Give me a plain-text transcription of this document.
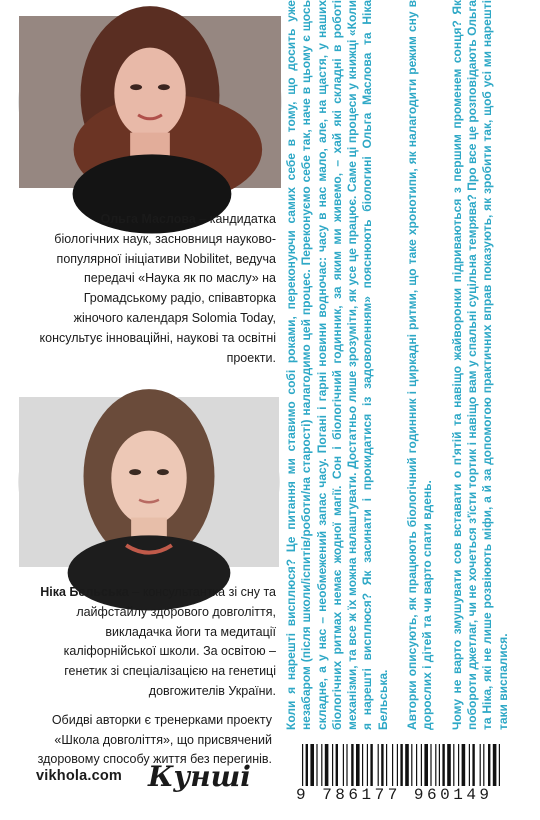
Ольга Маслова – кандидатка біологічних наук, засновниця науково-популярної ініціативи Nobilitet, ведуча передачі «Наука як по маслу» на Громадському радіо, співавторка жіночого календаря Solomia Today, консультує інноваційні, наукові та освітні проекти.
Ніка Бельська – консультантка зі сну та лайфстайлу здорового довголіття, викладачка йоги та медитації каліфорнійської школи. За освітою – генетик зі спеціалізацією на генетиці довгожителів України.
Обидві авторки є тренерками проекту «Школа довголіття», що присвячений здоровому способу життя без перегинів.
vikhola.com Кунші

Коли я нарешті висплюся? Це питання ми ставимо собі роками, переконуючи самих себе в тому, що досить уже незабаром (після школи/іспитів/роботи/на старості) налагодимо цей процес. Переконуємо себе так, наче в цьому є щось складне, а у нас – необмежений запас часу. Погані і гарні новини водночас: часу в нас мало, але, на щастя, у наших біологічних ритмах немає жодної магії. Сон і біологічний годинник, за яким ми живемо, – хай які складні в роботі механізми, та все ж їх можна налаштувати. Достатньо лише зрозуміти, як усе це працює. Саме ці процеси у книжці «Коли я нарешті висплюся? Як засинати і прокидатися із задоволенням» пояснюють біологині Ольга Маслова та Ніка Бельська. Авторки описують, як працюють біологічний годинник і циркадні ритми, що таке хронотипи, як налагодити режим сну в дорослих і дітей та чи варто спати вдень. Чому не варто змушувати сов вставати о п'ятій та навіщо жайворонки підриваються з першим променем сонця? Як побороти джетлаг, чи не хочеться з'їсти тортик і навіщо вам у спальні суцільна темрява? Про все це розповідають Ольга та Ніка, які не лише розвіюють міфи, а й за допомогою практичних вправ показують, як зробити так, щоб усі ми нарешті таки виспалися.

9 786177 960149 yakaboo
